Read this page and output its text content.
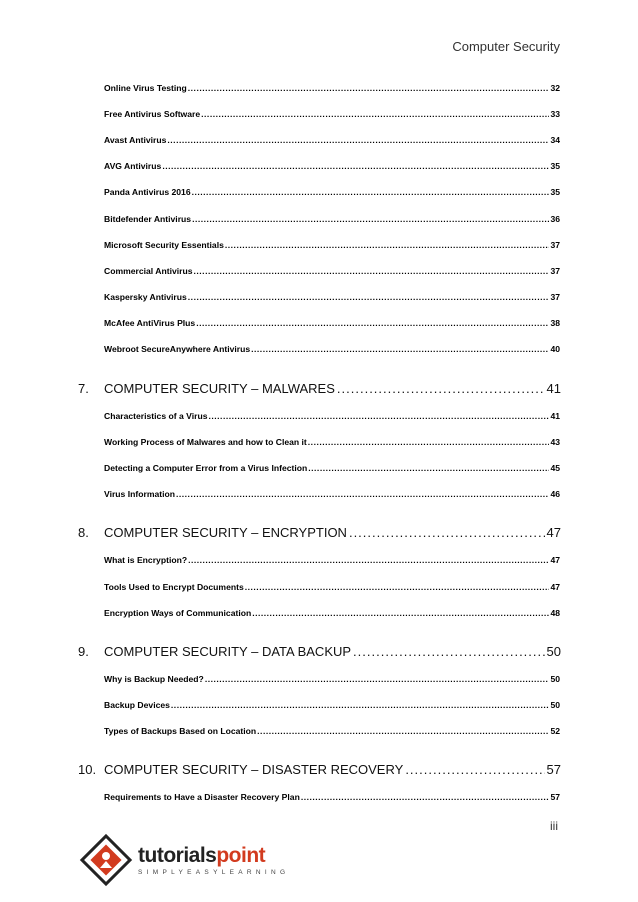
Computer Security
Online Virus Testing .....	32
Free Antivirus Software .....	33
Avast Antivirus .....	34
AVG Antivirus .....	35
Panda Antivirus 2016 .....	35
Bitdefender Antivirus .....	36
Microsoft Security Essentials .....	37
Commercial Antivirus .....	37
Kaspersky Antivirus .....	37
McAfee AntiVirus Plus .....	38
Webroot SecureAnywhere Antivirus .....	40
7.	COMPUTER SECURITY – MALWARES .....	41
Characteristics of a Virus .....	41
Working Process of Malwares and how to Clean it .....	43
Detecting a Computer Error from a Virus Infection .....	45
Virus Information .....	46
8.	COMPUTER SECURITY – ENCRYPTION .....	47
What is Encryption? .....	47
Tools Used to Encrypt Documents .....	47
Encryption Ways of Communication .....	48
9.	COMPUTER SECURITY – DATA BACKUP .....	50
Why is Backup Needed? .....	50
Backup Devices .....	50
Types of Backups Based on Location .....	52
10. COMPUTER SECURITY – DISASTER RECOVERY .....	57
Requirements to Have a Disaster Recovery Plan .....	57
iii
tutorialspoint
SIMPLYEASYLEARNING
